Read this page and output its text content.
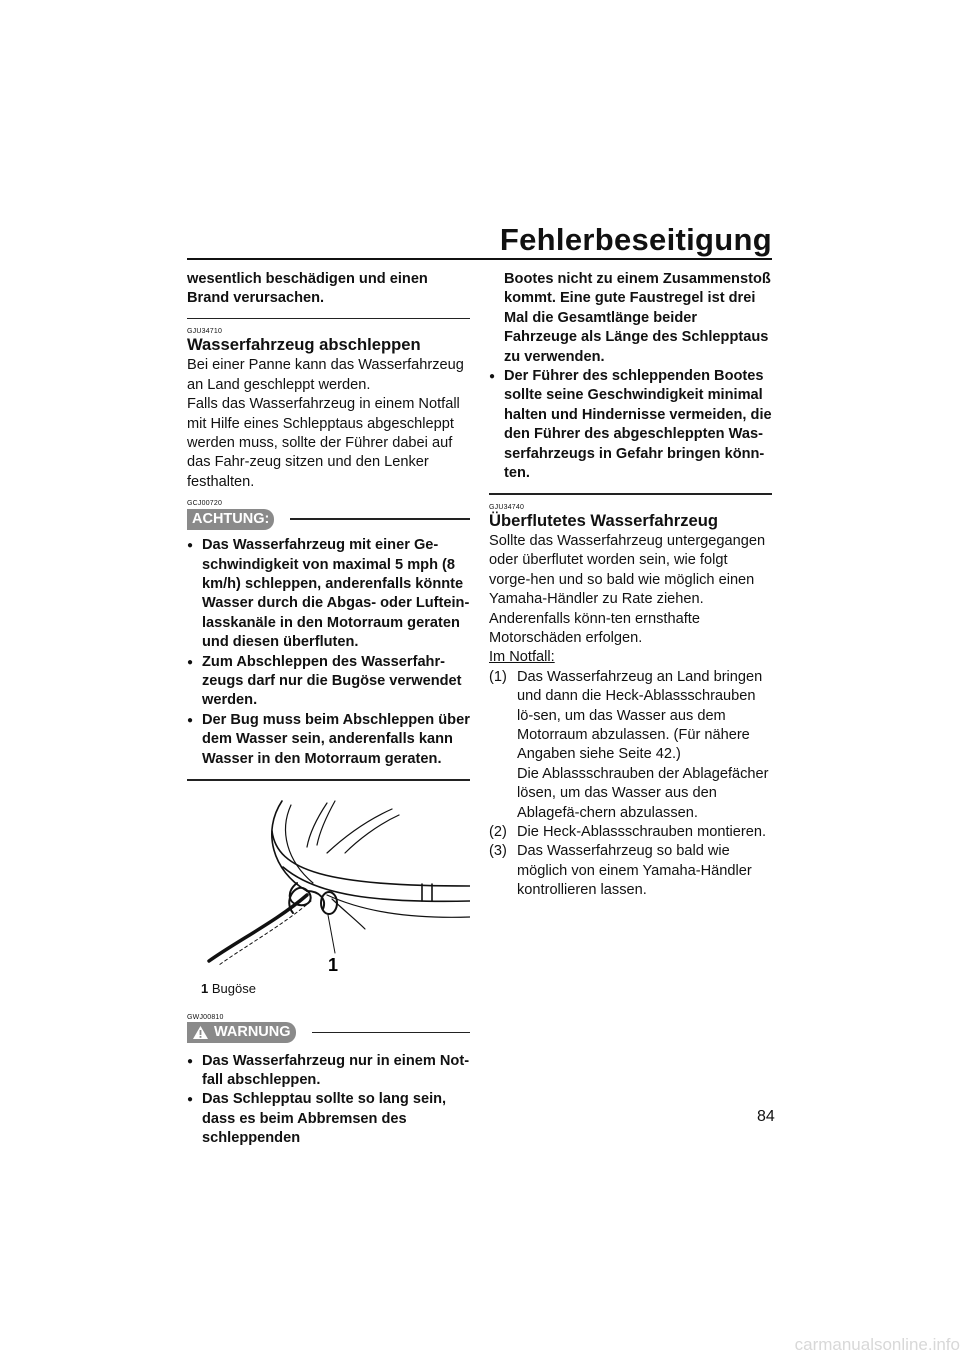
Fehlerbeseitigung

wesentlich beschädigen und einen Brand verursachen.

GJU34710

Wasserfahrzeug abschleppen

Bei einer Panne kann das Wasserfahrzeug an Land geschleppt werden.

Falls das Wasserfahrzeug in einem Notfall mit Hilfe eines Schlepptaus abgeschleppt werden muss, sollte der Führer dabei auf das Fahr-zeug sitzen und den Lenker festhalten.

GCJ00720

ACHTUNG:

● Das Wasserfahrzeug mit einer Ge-schwindigkeit von maximal 5 mph (8 km/h) schleppen, anderenfalls könnte Wasser durch die Abgas- oder Luftein-lasskanäle in den Motorraum geraten und diesen überfluten.

● Zum Abschleppen des Wasserfahr-zeugs darf nur die Bugöse verwendet werden.

● Der Bug muss beim Abschleppen über dem Wasser sein, anderenfalls kann Wasser in den Motorraum geraten.

1
1 Bugöse

GWJ00810

WARNUNG

● Das Wasserfahrzeug nur in einem Not-fall abschleppen.

● Das Schlepptau sollte so lang sein, dass es beim Abbremsen des schleppenden

Bootes nicht zu einem Zusammenstoß kommt. Eine gute Faustregel ist drei Mal die Gesamtlänge beider Fahrzeuge als Länge des Schlepptaus zu verwenden.

● Der Führer des schleppenden Bootes sollte seine Geschwindigkeit minimal halten und Hindernisse vermeiden, die den Führer des abgeschleppten Was-serfahrzeugs in Gefahr bringen könn-ten.

GJU34740

Überflutetes Wasserfahrzeug

Sollte das Wasserfahrzeug untergegangen oder überflutet worden sein, wie folgt vorge-hen und so bald wie möglich einen Yamaha-Händler zu Rate ziehen. Anderenfalls könn-ten ernsthafte Motorschäden erfolgen.

Im Notfall:

(1) Das Wasserfahrzeug an Land bringen und dann die Heck-Ablassschrauben lö-sen, um das Wasser aus dem Motorraum abzulassen. (Für nähere Angaben siehe Seite 42.)
Die Ablassschrauben der Ablagefächer lösen, um das Wasser aus den Ablagefä-chern abzulassen.
(2) Die Heck-Ablassschrauben montieren.
(3) Das Wasserfahrzeug so bald wie möglich von einem Yamaha-Händler kontrollieren lassen.
84
carmanualsonline.info
